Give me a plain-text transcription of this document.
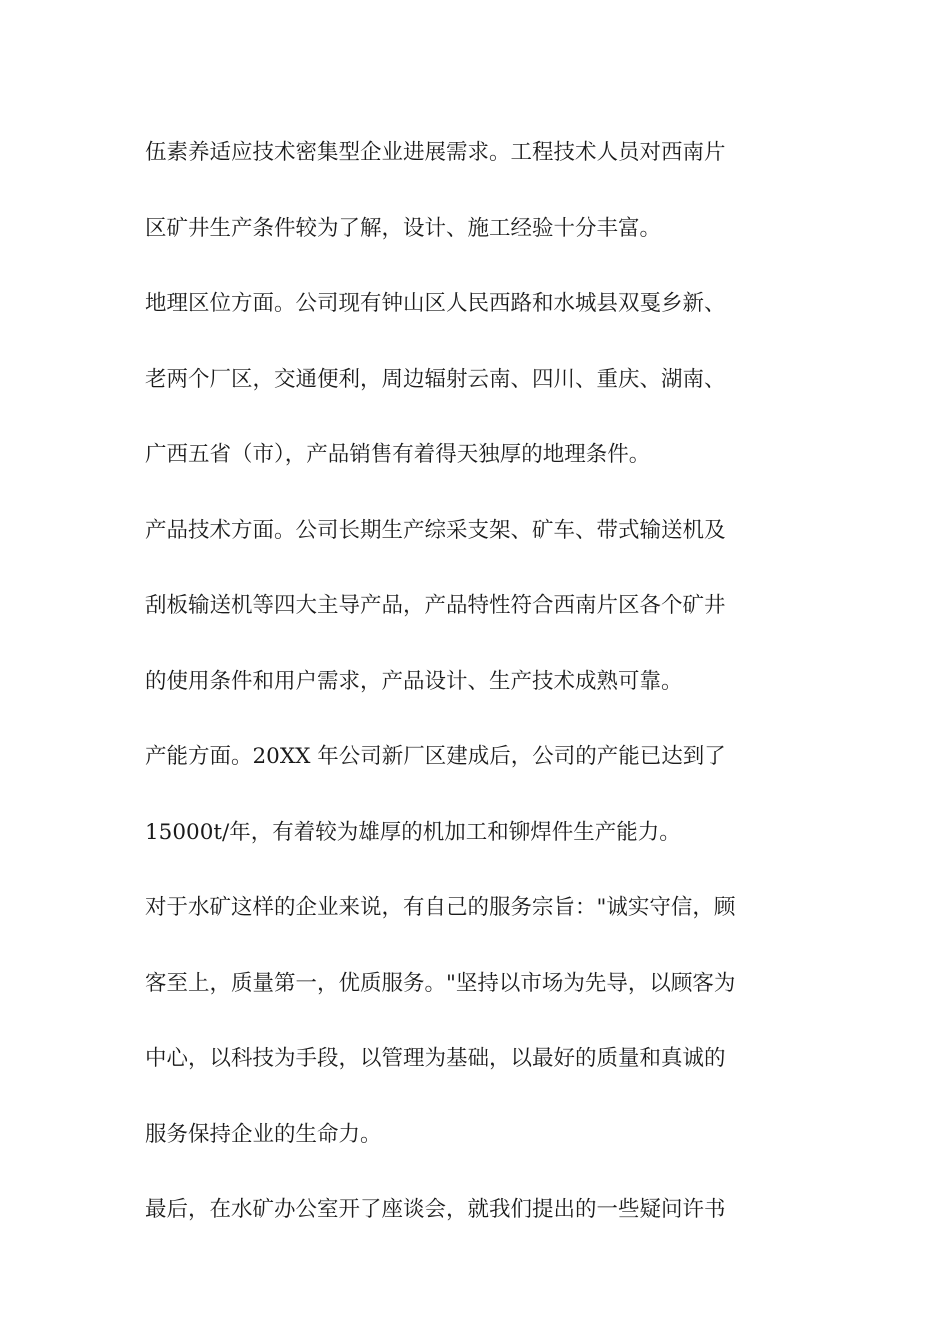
伍素养适应技术密集型企业进展需求。工程技术人员对西南片
区矿井生产条件较为了解，设计、施工经验十分丰富。
地理区位方面。公司现有钟山区人民西路和水城县双戛乡新、
老两个厂区，交通便利，周边辐射云南、四川、重庆、湖南、
广西五省（市），产品销售有着得天独厚的地理条件。
产品技术方面。公司长期生产综采支架、矿车、带式输送机及
刮板输送机等四大主导产品，产品特性符合西南片区各个矿井
的使用条件和用户需求，产品设计、生产技术成熟可靠。
产能方面。20XX 年公司新厂区建成后，公司的产能已达到了
15000t/年，有着较为雄厚的机加工和铆焊件生产能力。
对于水矿这样的企业来说，有自己的服务宗旨："诚实守信，顾
客至上，质量第一，优质服务。"坚持以市场为先导，以顾客为
中心，以科技为手段，以管理为基础，以最好的质量和真诚的
服务保持企业的生命力。
最后，在水矿办公室开了座谈会，就我们提出的一些疑问许书
